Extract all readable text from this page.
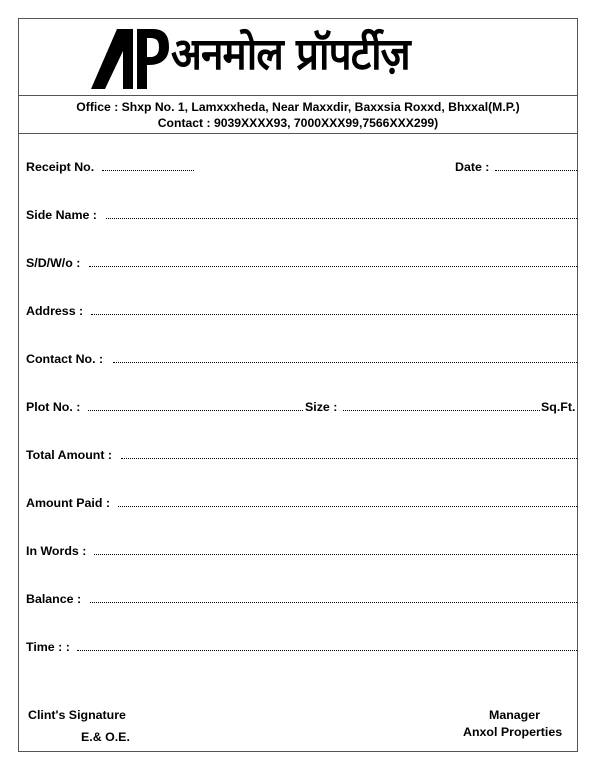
अनमोल प्रॉपर्टीज़
Office : Shxp No. 1, Lamxxxheda, Near Maxxdir, Baxxsia Roxxd, Bhxxal(M.P.)
Contact : 9039XXXX93, 7000XXX99,7566XXX299)
Receipt No.	Date :
Side Name :
S/D/W/o :
Address :
Contact No. :
Plot No. :	Size :	Sq.Ft.
Total Amount :
Amount Paid :
In Words :
Balance :
Time : :
Clint's Signature
E.& O.E.
Manager
Anxol Properties
